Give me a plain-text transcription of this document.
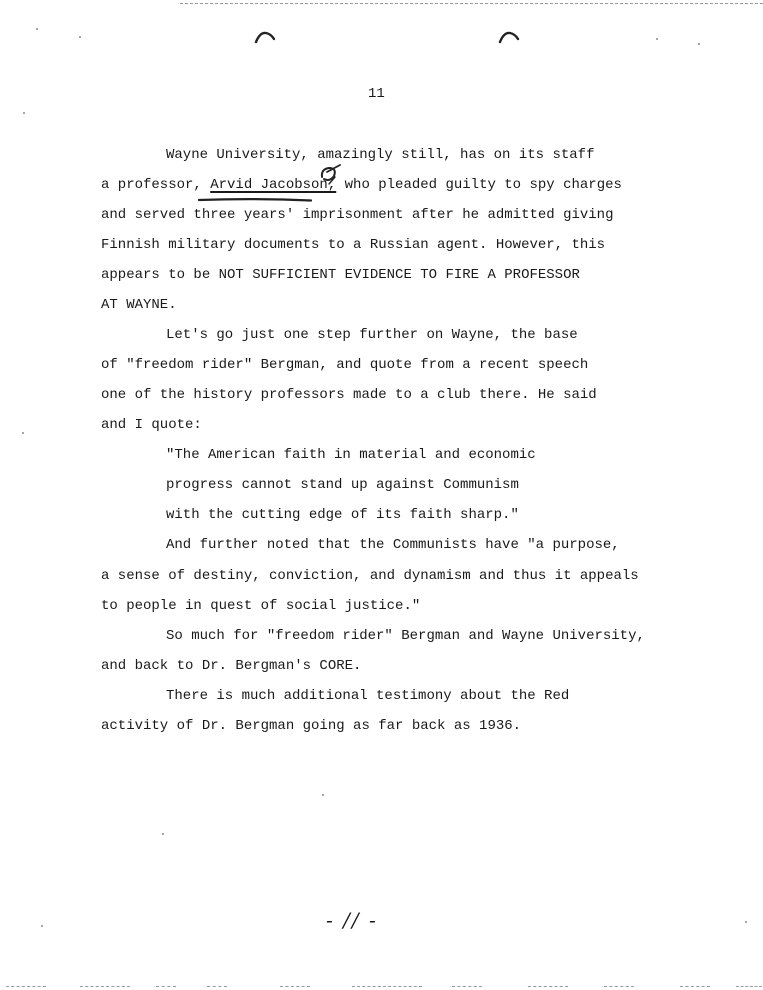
11
Wayne University, amazingly still, has on its staff
a professor, Arvid Jacobson, who pleaded guilty to spy charges
and served three years' imprisonment after he admitted giving
Finnish military documents to a Russian agent. However, this
appears to be NOT SUFFICIENT EVIDENCE TO FIRE A PROFESSOR
AT WAYNE.
Let's go just one step further on Wayne, the base
of "freedom rider" Bergman, and quote from a recent speech
one of the history professors made to a club there. He said
and I quote:
"The American faith in material and economic
progress cannot stand up against Communism
with the cutting edge of its faith sharp."
And further noted that the Communists have "a purpose,
a sense of destiny, conviction, and dynamism and thus it appeals
to people in quest of social justice."
So much for "freedom rider" Bergman and Wayne University,
and back to Dr. Bergman's CORE.
There is much additional testimony about the Red
activity of Dr. Bergman going as far back as 1936.
- // -
